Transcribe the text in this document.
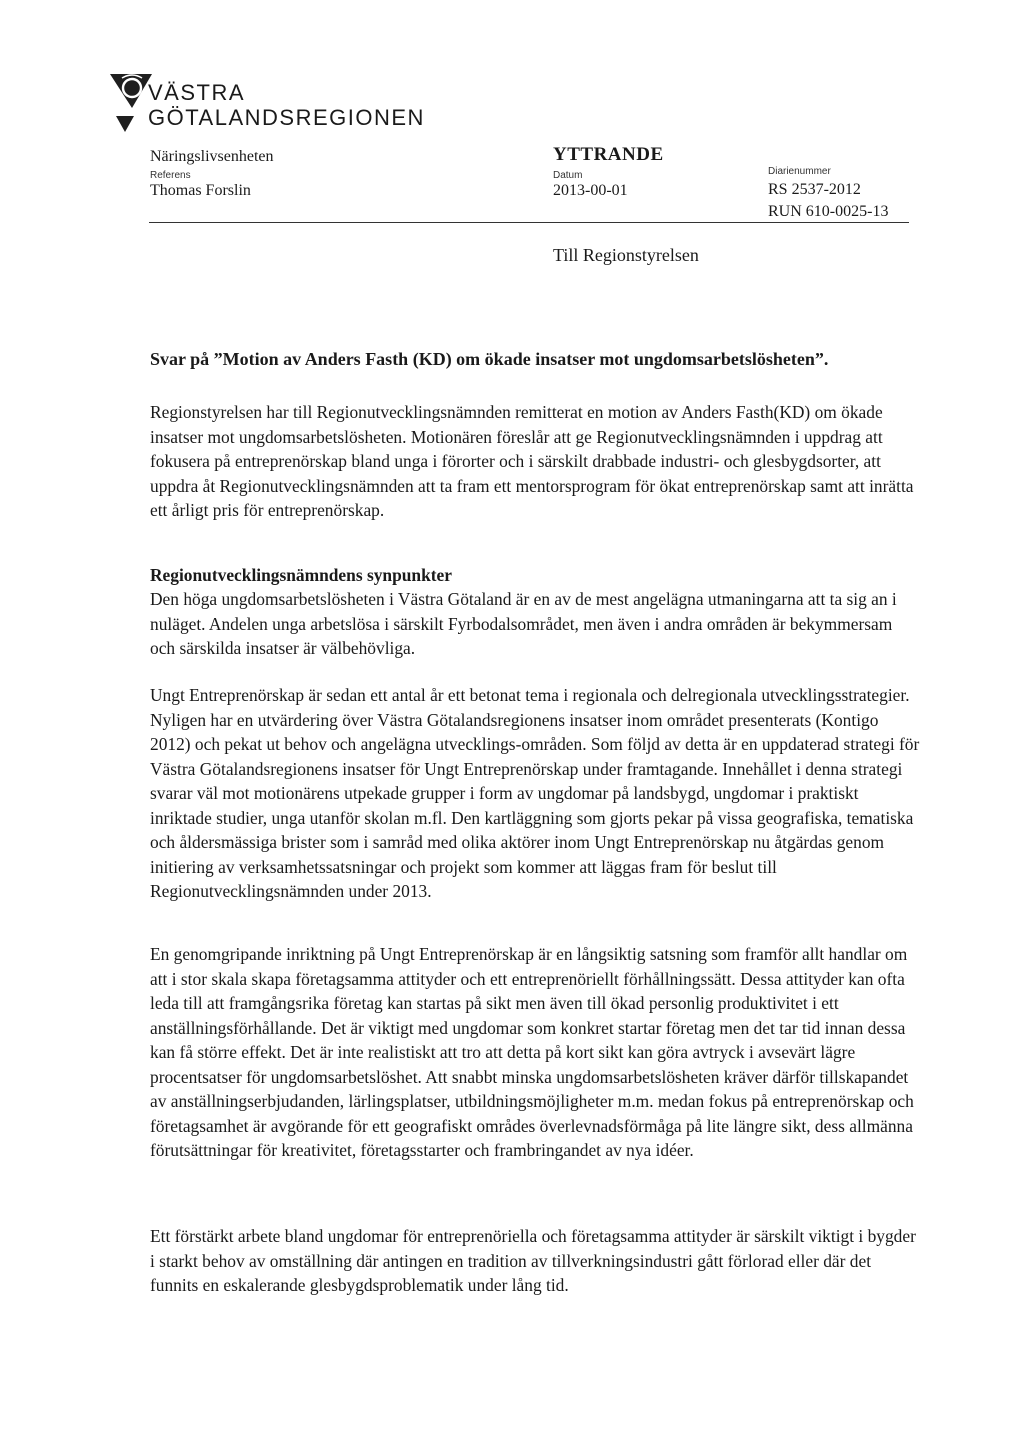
VÄSTRA
GÖTALANDSREGIONEN
Näringslivsenheten
Referens
Thomas Forslin
YTTRANDE
Datum
2013-00-01
Diarienummer
RS 2537-2012
RUN 610-0025-13
Till Regionstyrelsen
Svar på ”Motion av Anders Fasth (KD) om ökade insatser mot ungdomsarbetslösheten”.

Regionstyrelsen har till Regionutvecklingsnämnden remitterat en motion av Anders Fasth(KD) om ökade insatser mot ungdomsarbetslösheten. Motionären föreslår att ge Regionutvecklingsnämnden i uppdrag att fokusera på entreprenörskap bland unga i förorter och i särskilt drabbade industri- och glesbygdsorter, att uppdra åt Regionutvecklingsnämnden att ta fram ett mentorsprogram för ökat entreprenörskap samt att inrätta ett årligt pris för entreprenörskap.

Regionutvecklingsnämndens synpunkter

Den höga ungdomsarbetslösheten i Västra Götaland är en av de mest angelägna utmaningarna att ta sig an i nuläget. Andelen unga arbetslösa i särskilt Fyrbodalsområdet, men även i andra områden är bekymmersam och särskilda insatser är välbehövliga.

Ungt Entreprenörskap är sedan ett antal år ett betonat tema i regionala och delregionala utvecklingsstrategier. Nyligen har en utvärdering över Västra Götalandsregionens insatser inom området presenterats (Kontigo 2012) och pekat ut behov och angelägna utvecklings-områden. Som följd av detta är en uppdaterad strategi för Västra Götalandsregionens insatser för Ungt Entreprenörskap under framtagande. Innehållet i denna strategi svarar väl mot motionärens utpekade grupper i form av ungdomar på landsbygd, ungdomar i praktiskt inriktade studier, unga utanför skolan m.fl. Den kartläggning som gjorts pekar på vissa geografiska, tematiska och åldersmässiga brister som i samråd med olika aktörer inom Ungt Entreprenörskap nu åtgärdas genom initiering av verksamhetssatsningar och projekt som kommer att läggas fram för beslut till Regionutvecklingsnämnden under 2013.

En genomgripande inriktning på Ungt Entreprenörskap är en långsiktig satsning som framför allt handlar om att i stor skala skapa företagsamma attityder och ett entreprenöriellt förhållningssätt. Dessa attityder kan ofta leda till att framgångsrika företag kan startas på sikt men även till ökad personlig produktivitet i ett anställningsförhållande. Det är viktigt med ungdomar som konkret startar företag men det tar tid innan dessa kan få större effekt. Det är inte realistiskt att tro att detta på kort sikt kan göra avtryck i avsevärt lägre procentsatser för ungdomsarbetslöshet. Att snabbt minska ungdomsarbetslösheten kräver därför tillskapandet av anställningserbjudanden, lärlingsplatser, utbildningsmöjligheter m.m. medan fokus på entreprenörskap och företagsamhet är avgörande för ett geografiskt områdes överlevnadsförmåga på lite längre sikt, dess allmänna förutsättningar för kreativitet, företagsstarter och frambringandet av nya idéer.

Ett förstärkt arbete bland ungdomar för entreprenöriella och företagsamma attityder är särskilt viktigt i bygder i starkt behov av omställning där antingen en tradition av tillverkningsindustri gått förlorad eller där det funnits en eskalerande glesbygdsproblematik under lång tid.
